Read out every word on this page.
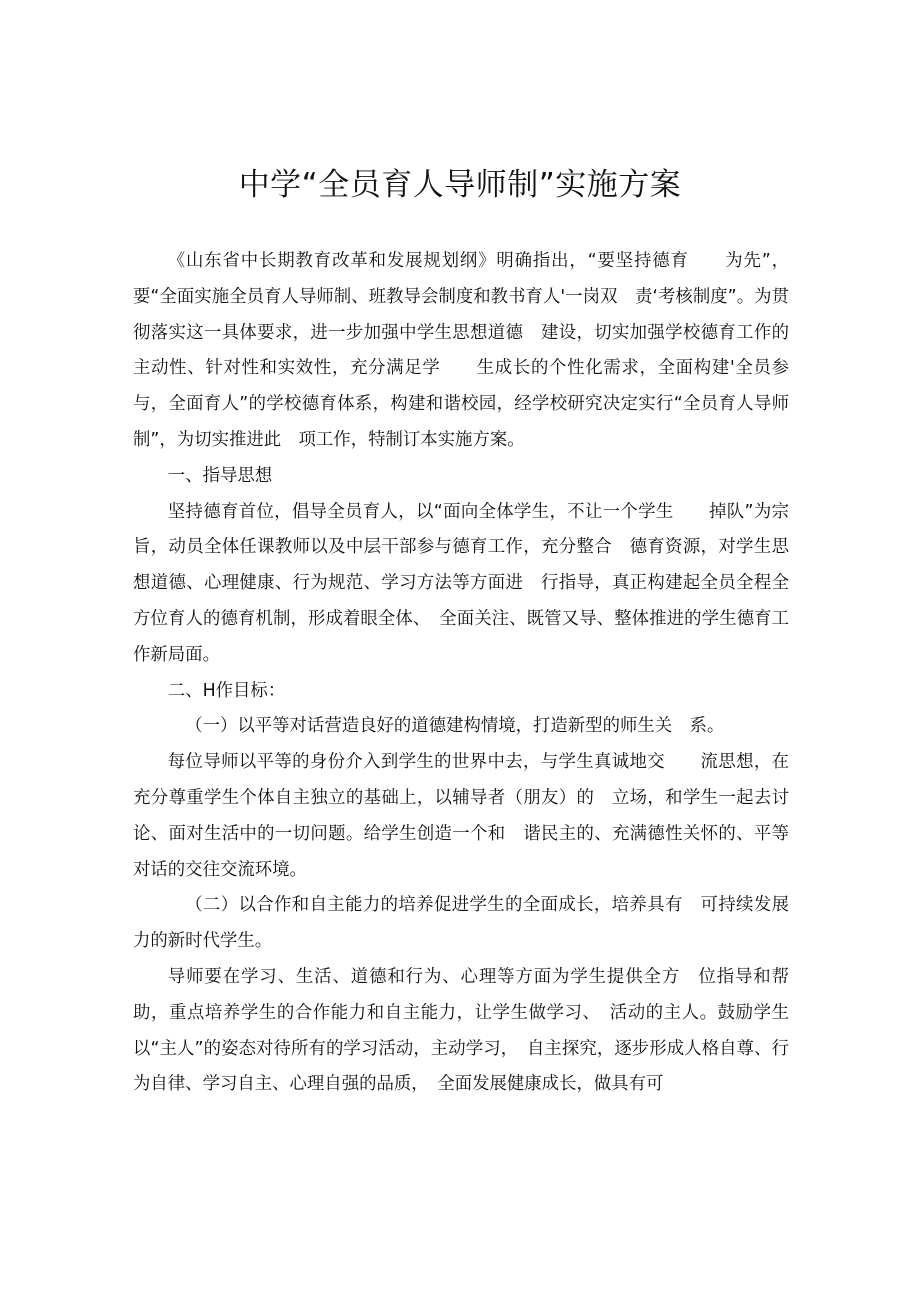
中学“全员育人导师制”实施方案

《山东省中长期教育改革和发展规划纲》明确指出，“要坚持德育　　为先”，要“全面实施全员育人导师制、班教导会制度和教书育人'一岗双　责‘考核制度”。为贯彻落实这一具体要求，进一步加强中学生思想道德　建设，切实加强学校德育工作的主动性、针对性和实效性，充分满足学　　生成长的个性化需求，全面构建'全员参与，全面育人”的学校德育体系，构建和谐校园，经学校研究决定实行“全员育人导师制”，为切实推进此　项工作，特制订本实施方案。

一、指导思想

坚持德育首位，倡导全员育人，以“面向全体学生，不让一个学生　　掉队”为宗旨，动员全体任课教师以及中层干部参与德育工作，充分整合　德育资源，对学生思想道德、心理健康、行为规范、学习方法等方面进　行指导，真正构建起全员全程全方位育人的德育机制，形成着眼全体、　全面关注、既管又导、整体推进的学生德育工作新局面。

二、H作目标：

（一）以平等对话营造良好的道德建构情境，打造新型的师生关　系。

每位导师以平等的身份介入到学生的世界中去，与学生真诚地交　　流思想，在充分尊重学生个体自主独立的基础上，以辅导者（朋友）的　立场，和学生一起去讨论、面对生活中的一切问题。给学生创造一个和　谐民主的、充满德性关怀的、平等对话的交往交流环境。

（二）以合作和自主能力的培养促进学生的全面成长，培养具有　可持续发展力的新时代学生。

导师要在学习、生活、道德和行为、心理等方面为学生提供全方　位指导和帮助，重点培养学生的合作能力和自主能力，让学生做学习、　活动的主人。鼓励学生以“主人”的姿态对待所有的学习活动，主动学习，　自主探究，逐步形成人格自尊、行为自律、学习自主、心理自强的品质，　全面发展健康成长，做具有可
